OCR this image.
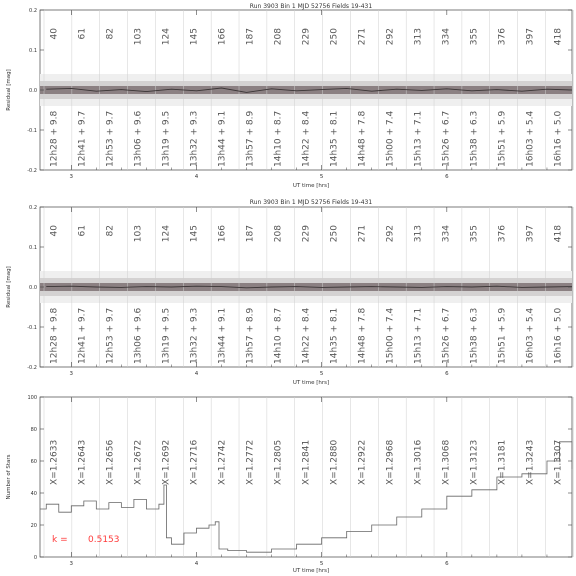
Run 3903 Bin 1 MJD 52756 Fields 19-431
40 61 82 103 124 145 166 187 208 229 250 271 292 313 334 355 376 397 418
12h28 + 9.8 12h41 + 9.7 12h53 + 9.7 13h06 + 9.6 13h19 + 9.5 13h32 + 9.3 13h44 + 9.1 13h57 + 8.9 14h10 + 8.7 14h22 + 8.4 14h35 + 8.1 14h48 + 7.8 15h00 + 7.4 15h13 + 7.1 15h26 + 6.7 15h38 + 6.3 15h51 + 5.9 16h03 + 5.4 16h16 + 5.0
-0.2
-0.1
0.0
0.1
0.2
3	4	5	6
Residual [mag]
UT time [hrs]
Run 3903 Bin 1 MJD 52756 Fields 19-431
40 61 82 103 124 145 166 187 208 229 250 271 292 313 334 355 376 397 418
12h28 + 9.8 12h41 + 9.7 12h53 + 9.7 13h06 + 9.6 13h19 + 9.5 13h32 + 9.3 13h44 + 9.1 13h57 + 8.9 14h10 + 8.7 14h22 + 8.4 14h35 + 8.1 14h48 + 7.8 15h00 + 7.4 15h13 + 7.1 15h26 + 6.7 15h38 + 6.3 15h51 + 5.9 16h03 + 5.4 16h16 + 5.0
-0.2
-0.1
0.0
0.1
0.2
3	4	5	6
Residual [mag]
UT time [hrs]
X=1.2633 X=1.2643 X=1.2656 X=1.2672 X=1.2692 X=1.2716 X=1.2742 X=1.2772 X=1.2805 X=1.2841 X=1.2880 X=1.2922 X=1.2968 X=1.3016 X=1.3068 X=1.3123 X=1.3181 X=1.3243 X=1.3307
0
20
40
60
80
100
3	4	5	6
Number of Stars
UT time [hrs]
k = 0.5153
